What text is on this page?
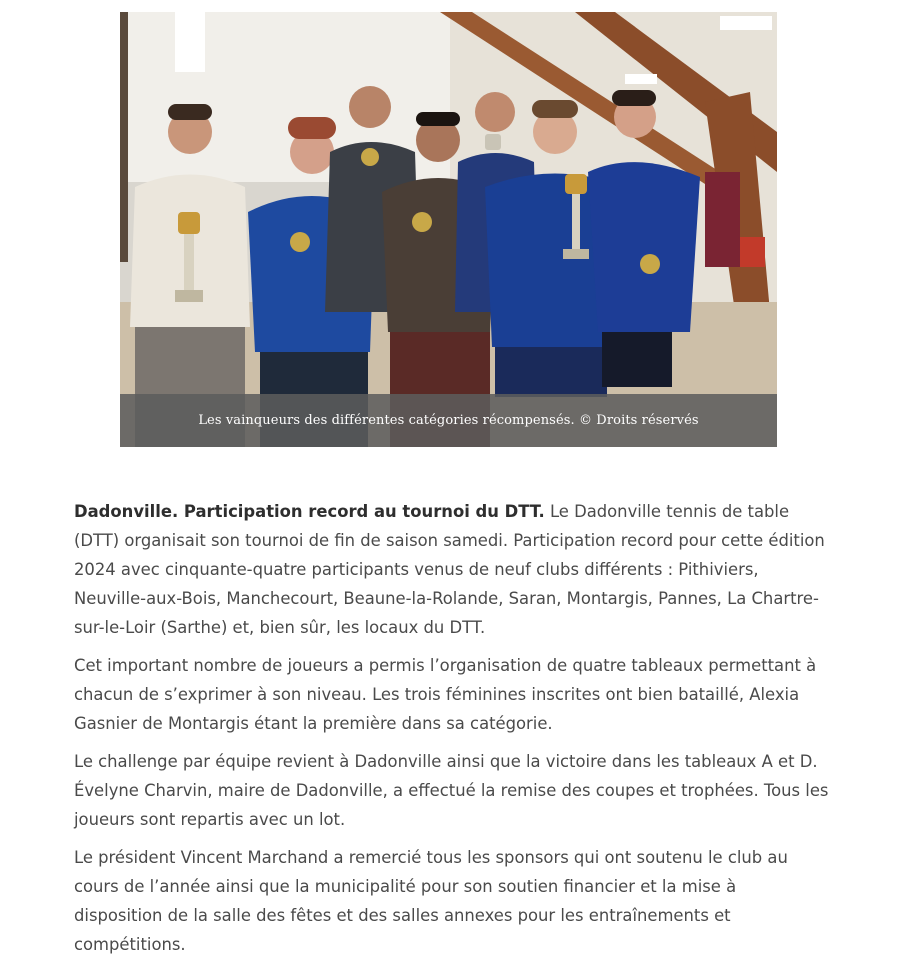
Les vainqueurs des différentes catégories récompensés. © Droits réservés

Dadonville. Participation record au tournoi du DTT. Le Dadonville tennis de table (DTT) organisait son tournoi de fin de saison samedi. Participation record pour cette édition 2024 avec cinquante-quatre participants venus de neuf clubs différents : Pithiviers, Neuville-aux-Bois, Manchecourt, Beaune-la-Rolande, Saran, Montargis, Pannes, La Chartre-sur-le-Loir (Sarthe) et, bien sûr, les locaux du DTT.

Cet important nombre de joueurs a permis l’organisation de quatre tableaux permettant à chacun de s’exprimer à son niveau. Les trois féminines inscrites ont bien bataillé, Alexia Gasnier de Montargis étant la première dans sa catégorie.

Le challenge par équipe revient à Dadonville ainsi que la victoire dans les tableaux A et D. Évelyne Charvin, maire de Dadonville, a effectué la remise des coupes et trophées. Tous les joueurs sont repartis avec un lot.

Le président Vincent Marchand a remercié tous les sponsors qui ont soutenu le club au cours de l’année ainsi que la municipalité pour son soutien financier et la mise à disposition de la salle des fêtes et des salles annexes pour les entraînements et compétitions.
